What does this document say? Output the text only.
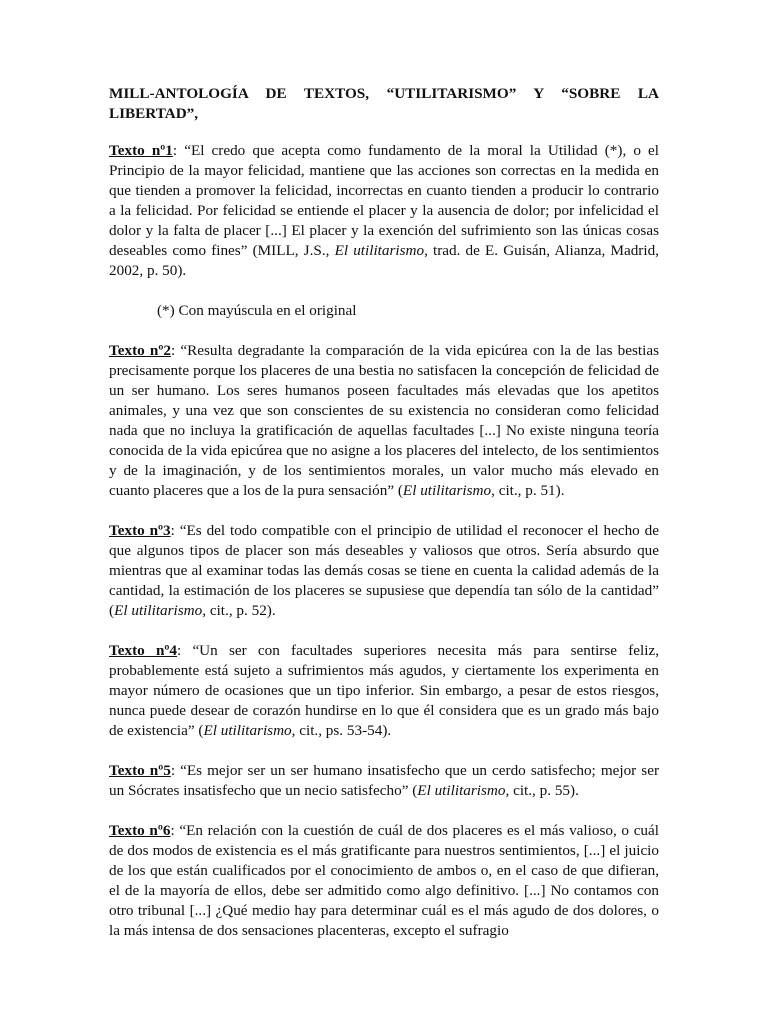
MILL-ANTOLOGÍA DE TEXTOS, “UTILITARISMO” Y “SOBRE LA
LIBERTAD”,

Texto nº1: “El credo que acepta como fundamento de la moral la Utilidad (*), o el Principio de la mayor felicidad, mantiene que las acciones son correctas en la medida en que tienden a promover la felicidad, incorrectas en cuanto tienden a producir lo contrario a la felicidad. Por felicidad se entiende el placer y la ausencia de dolor; por infelicidad el dolor y la falta de placer [...] El placer y la exención del sufrimiento son las únicas cosas deseables como fines” (MILL, J.S., El utilitarismo, trad. de E. Guisán, Alianza, Madrid, 2002, p. 50).

(*) Con mayúscula en el original

Texto nº2: “Resulta degradante la comparación de la vida epicúrea con la de las bestias precisamente porque los placeres de una bestia no satisfacen la concepción de felicidad de un ser humano. Los seres humanos poseen facultades más elevadas que los apetitos animales, y una vez que son conscientes de su existencia no consideran como felicidad nada que no incluya la gratificación de aquellas facultades [...] No existe ninguna teoría conocida de la vida epicúrea que no asigne a los placeres del intelecto, de los sentimientos y de la imaginación, y de los sentimientos morales, un valor mucho más elevado en cuanto placeres que a los de la pura sensación” (El utilitarismo, cit., p. 51).

Texto nº3: “Es del todo compatible con el principio de utilidad el reconocer el hecho de que algunos tipos de placer son más deseables y valiosos que otros. Sería absurdo que mientras que al examinar todas las demás cosas se tiene en cuenta la calidad además de la cantidad, la estimación de los placeres se supusiese que dependía tan sólo de la cantidad” (El utilitarismo, cit., p. 52).

Texto nº4: “Un ser con facultades superiores necesita más para sentirse feliz, probablemente está sujeto a sufrimientos más agudos, y ciertamente los experimenta en mayor número de ocasiones que un tipo inferior. Sin embargo, a pesar de estos riesgos, nunca puede desear de corazón hundirse en lo que él considera que es un grado más bajo de existencia” (El utilitarismo, cit., ps. 53-54).

Texto nº5: “Es mejor ser un ser humano insatisfecho que un cerdo satisfecho; mejor ser un Sócrates insatisfecho que un necio satisfecho” (El utilitarismo, cit., p. 55).

Texto nº6: “En relación con la cuestión de cuál de dos placeres es el más valioso, o cuál de dos modos de existencia es el más gratificante para nuestros sentimientos, [...] el juicio de los que están cualificados por el conocimiento de ambos o, en el caso de que difieran, el de la mayoría de ellos, debe ser admitido como algo definitivo. [...] No contamos con otro tribunal [...] ¿Qué medio hay para determinar cuál es el más agudo de dos dolores, o la más intensa de dos sensaciones placenteras, excepto el sufragio
